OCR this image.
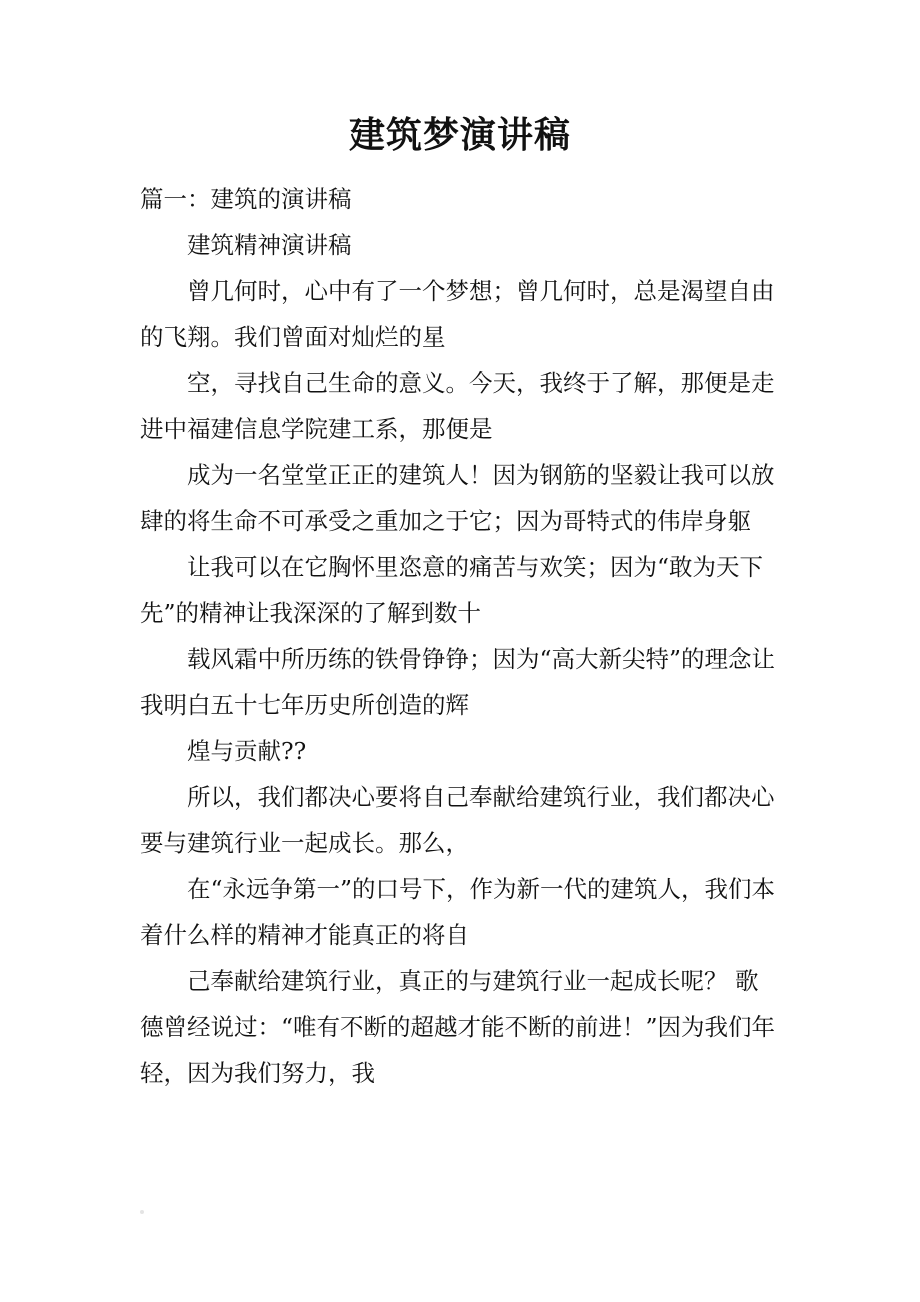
建筑梦演讲稿

篇一：建筑的演讲稿

建筑精神演讲稿

曾几何时，心中有了一个梦想；曾几何时，总是渴望自由的飞翔。我们曾面对灿烂的星

空，寻找自己生命的意义。今天，我终于了解，那便是走进中福建信息学院建工系，那便是

成为一名堂堂正正的建筑人！因为钢筋的坚毅让我可以放肆的将生命不可承受之重加之于它；因为哥特式的伟岸身躯

让我可以在它胸怀里恣意的痛苦与欢笑；因为“敢为天下先”的精神让我深深的了解到数十

载风霜中所历练的铁骨铮铮；因为“高大新尖特”的理念让我明白五十七年历史所创造的辉

煌与贡献??

所以，我们都决心要将自己奉献给建筑行业，我们都决心要与建筑行业一起成长。那么，

在“永远争第一”的口号下，作为新一代的建筑人，我们本着什么样的精神才能真正的将自

己奉献给建筑行业，真正的与建筑行业一起成长呢？ 歌德曾经说过：“唯有不断的超越才能不断的前进！”因为我们年轻，因为我们努力，我
